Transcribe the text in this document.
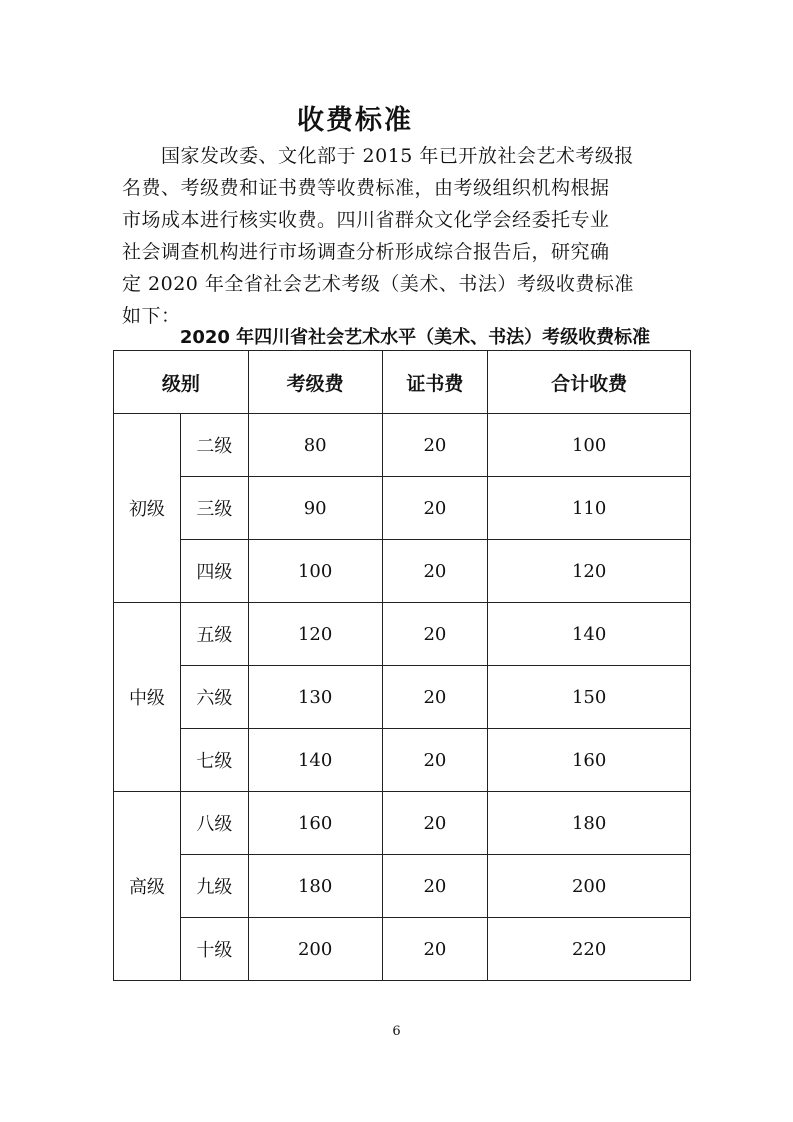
收费标准
　　国家发改委、文化部于 2015 年已开放社会艺术考级报
名费、考级费和证书费等收费标准，由考级组织机构根据
市场成本进行核实收费。四川省群众文化学会经委托专业
社会调查机构进行市场调查分析形成综合报告后，研究确
定 2020 年全省社会艺术考级（美术、书法）考级收费标准
如下：
2020 年四川省社会艺术水平（美术、书法）考级收费标准
级别		考级费	证书费	合计收费
初级	二级	80	20	100
	三级	90	20	110
	四级	100	20	120
中级	五级	120	20	140
	六级	130	20	150
	七级	140	20	160
高级	八级	160	20	180
	九级	180	20	200
	十级	200	20	220
6
